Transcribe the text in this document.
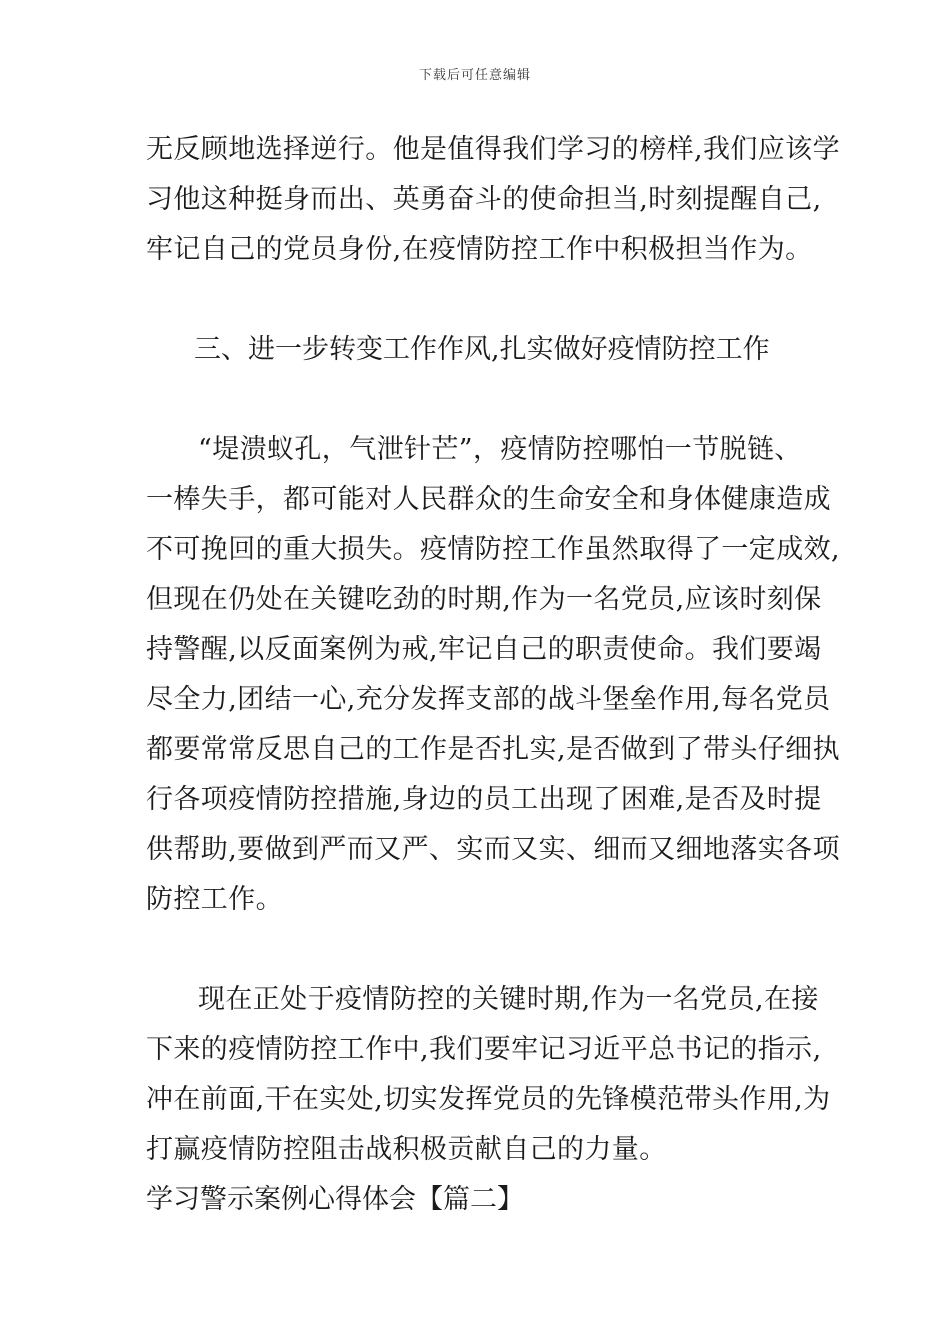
下载后可任意编辑
无反顾地选择逆行。他是值得我们学习的榜样,我们应该学
习他这种挺身而出、英勇奋斗的使命担当,时刻提醒自己,
牢记自己的党员身份,在疫情防控工作中积极担当作为。
三、进一步转变工作作风,扎实做好疫情防控工作
“堤溃蚁孔，气泄针芒”，疫情防控哪怕一节脱链、
一棒失手，都可能对人民群众的生命安全和身体健康造成
不可挽回的重大损失。疫情防控工作虽然取得了一定成效,
但现在仍处在关键吃劲的时期,作为一名党员,应该时刻保
持警醒,以反面案例为戒,牢记自己的职责使命。我们要竭
尽全力,团结一心,充分发挥支部的战斗堡垒作用,每名党员
都要常常反思自己的工作是否扎实,是否做到了带头仔细执
行各项疫情防控措施,身边的员工出现了困难,是否及时提
供帮助,要做到严而又严、实而又实、细而又细地落实各项
防控工作。
现在正处于疫情防控的关键时期,作为一名党员,在接
下来的疫情防控工作中,我们要牢记习近平总书记的指示,
冲在前面,干在实处,切实发挥党员的先锋模范带头作用,为
打赢疫情防控阻击战积极贡献自己的力量。
学习警示案例心得体会【篇二】
